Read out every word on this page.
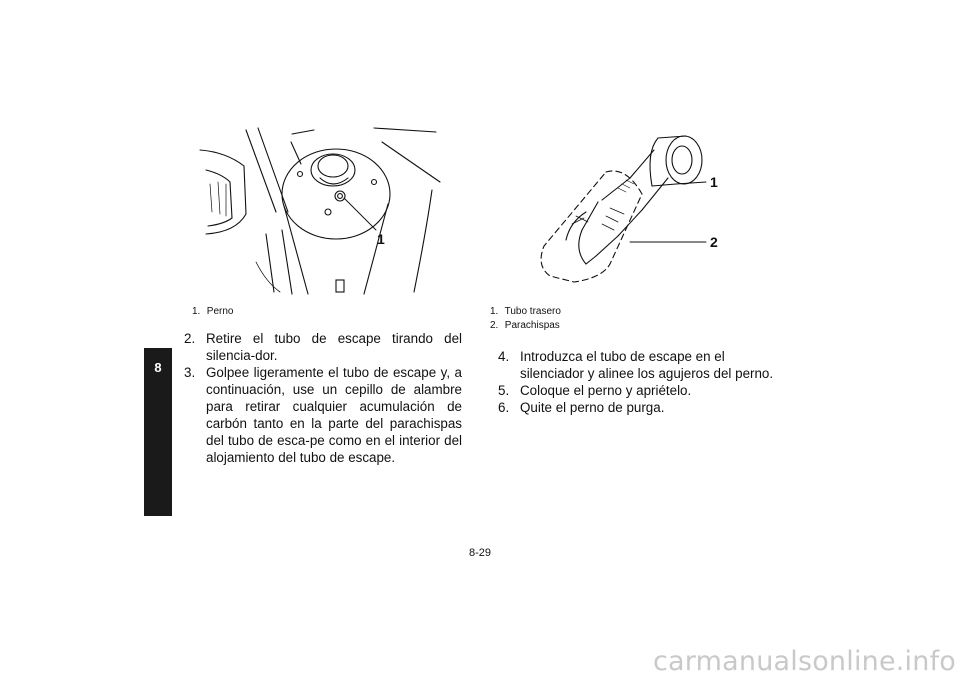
8
1
1. Perno
1
2
1. Tubo trasero
2. Parachispas
2. Retire el tubo de escape tirando del silencia-dor.
3. Golpee ligeramente el tubo de escape y, a continuación, use un cepillo de alambre para retirar cualquier acumulación de carbón tanto en la parte del parachispas del tubo de esca-pe como en el interior del alojamiento del tubo de escape.
4. Introduzca el tubo de escape en el silenciador y alinee los agujeros del perno.
5. Coloque el perno y apriételo.
6. Quite el perno de purga.
8-29
carmanualsonline.info
